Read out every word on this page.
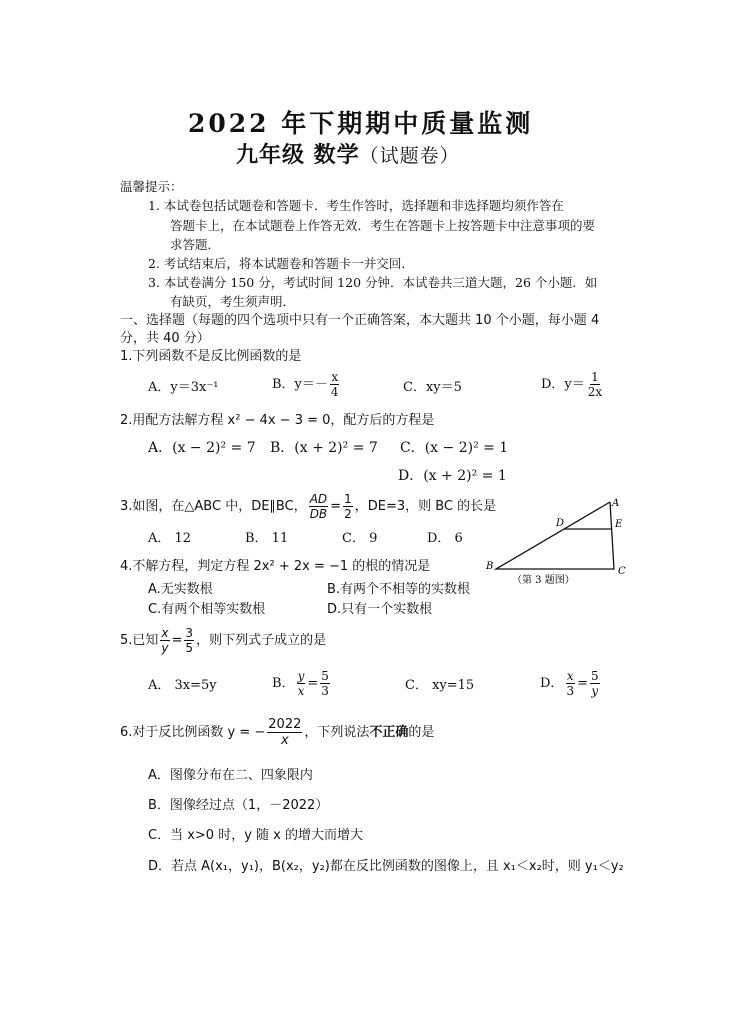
2022 年下期期中质量监测
九年级 数学（试题卷）
温馨提示：
1. 本试卷包括试题卷和答题卡．考生作答时，选择题和非选择题均须作答在
答题卡上，在本试题卷上作答无效．考生在答题卡上按答题卡中注意事项的要
求答题．
2. 考试结束后，将本试题卷和答题卡一并交回．
3. 本试卷满分 150 分，考试时间 120 分钟．本试卷共三道大题，26 个小题．如
有缺页，考生须声明．
一、选择题（每题的四个选项中只有一个正确答案，本大题共 10 个小题，每小题 4
分，共 40 分）
1.下列函数不是反比例函数的是
A．y＝3x⁻¹	B．$y=- \frac{x}{4}$	C．xy＝5	D．$y= \frac{1}{2x}$
2.用配方法解方程 x² − 4x − 3 = 0，配方后的方程是
A．(x − 2)² = 7 B．(x + 2)² = 7 C．(x − 2)² = 1
D．(x + 2)² = 1
3.如图，在△ABC 中，DE∥BC， $\frac{AD}{DB} = \frac{1}{2}$ ，DE=3，则 BC 的长是
A． 12	B． 11	C． 9	D． 6
A
D	E
B	C
（第 3 题图）
4.不解方程，判定方程 2x² + 2x = −1 的根的情况是
A.无实数根	B.有两个不相等的实数根
C.有两个相等实数根	D.只有一个实数根
5.已知 $\frac{x}{y} = \frac{3}{5}$ ，则下列式子成立的是
A． 3x=5y	B． $\frac{y}{x} = \frac{5}{3}$	C． xy=15	D． $\frac{x}{3} = \frac{5}{y}$
6.对于反比例函数 y = − $\frac{2022}{x}$ ，下列说法不正确的是
A．图像分布在二、四象限内
B．图像经过点（1，－2022）
C．当 x>0 时，y 随 x 的增大而增大
D．若点 A(x₁，y₁)，B(x₂，y₂)都在反比例函数的图像上，且 x₁＜x₂时，则 y₁＜y₂
